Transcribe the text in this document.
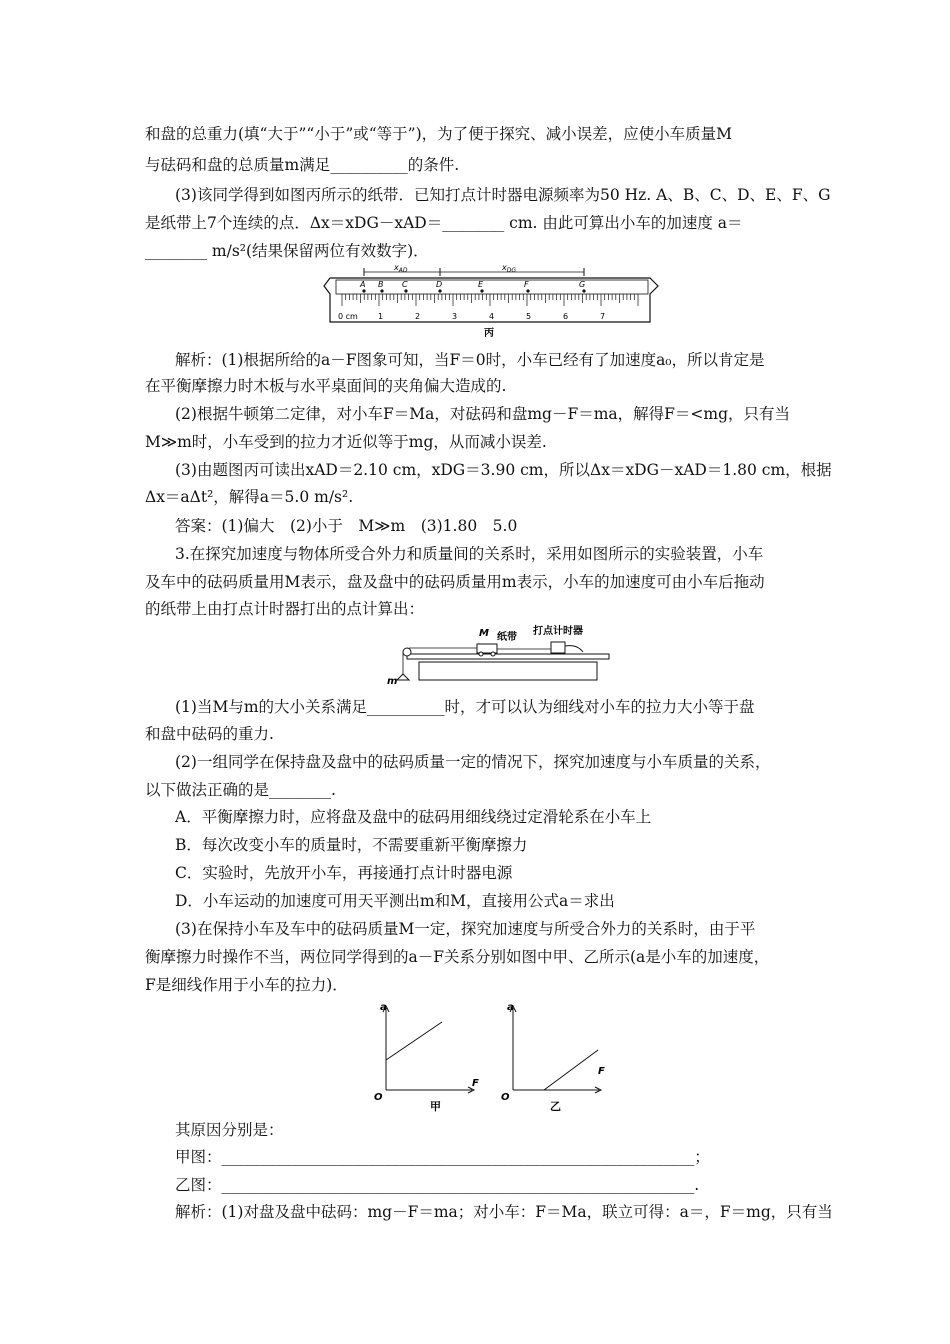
和盘的总重力(填“大于”“小于”或“等于”)，为了便于探究、减小误差，应使小车质量M
与砝码和盘的总质量m满足__________的条件.
(3)该同学得到如图丙所示的纸带．已知打点计时器电源频率为50 Hz. A、B、C、D、E、F、G
是纸带上7个连续的点．Δx＝xDG－xAD＝________ cm. 由此可算出小车的加速度 a＝
________ m/s²(结果保留两位有效数字)．
$x_{AD}$	$x_{DG}$
A B C	D	E	F	G
0 cm	1	2	3	4	5	6	7
丙
解析：(1)根据所给的a－F图象可知，当F＝0时，小车已经有了加速度a₀，所以肯定是
在平衡摩擦力时木板与水平桌面间的夹角偏大造成的.
(2)根据牛顿第二定律，对小车F＝Ma，对砝码和盘mg－F＝ma，解得F＝<mg，只有当
M≫m时，小车受到的拉力才近似等于mg，从而减小误差.
(3)由题图丙可读出xAD＝2.10 cm，xDG＝3.90 cm，所以Δx＝xDG－xAD＝1.80 cm，根据
Δx＝aΔt²，解得a＝5.0 m/s².
答案：(1)偏大　(2)小于　M≫m　(3)1.80　5.0
3.在探究加速度与物体所受合外力和质量间的关系时，采用如图所示的实验装置，小车
及车中的砝码质量用M表示，盘及盘中的砝码质量用m表示，小车的加速度可由小车后拖动
的纸带上由打点计时器打出的点计算出：
M 纸带
打点计时器
m
(1)当M与m的大小关系满足__________时，才可以认为细线对小车的拉力大小等于盘
和盘中砝码的重力.
(2)一组同学在保持盘及盘中的砝码质量一定的情况下，探究加速度与小车质量的关系，
以下做法正确的是________.
A．平衡摩擦力时，应将盘及盘中的砝码用细线绕过定滑轮系在小车上
B．每次改变小车的质量时，不需要重新平衡摩擦力
C．实验时，先放开小车，再接通打点计时器电源
D．小车运动的加速度可用天平测出m和M，直接用公式a＝求出
(3)在保持小车及车中的砝码质量M一定，探究加速度与所受合外力的关系时，由于平
衡摩擦力时操作不当，两位同学得到的a－F关系分别如图中甲、乙所示(a是小车的加速度，
F是细线作用于小车的拉力)．
a
F
O
甲
a
F
O
乙
其原因分别是：
甲图：_____________________________________________________________；
乙图：_____________________________________________________________.
解析：(1)对盘及盘中砝码：mg－F＝ma；对小车：F＝Ma，联立可得：a＝，F＝mg，只有当
